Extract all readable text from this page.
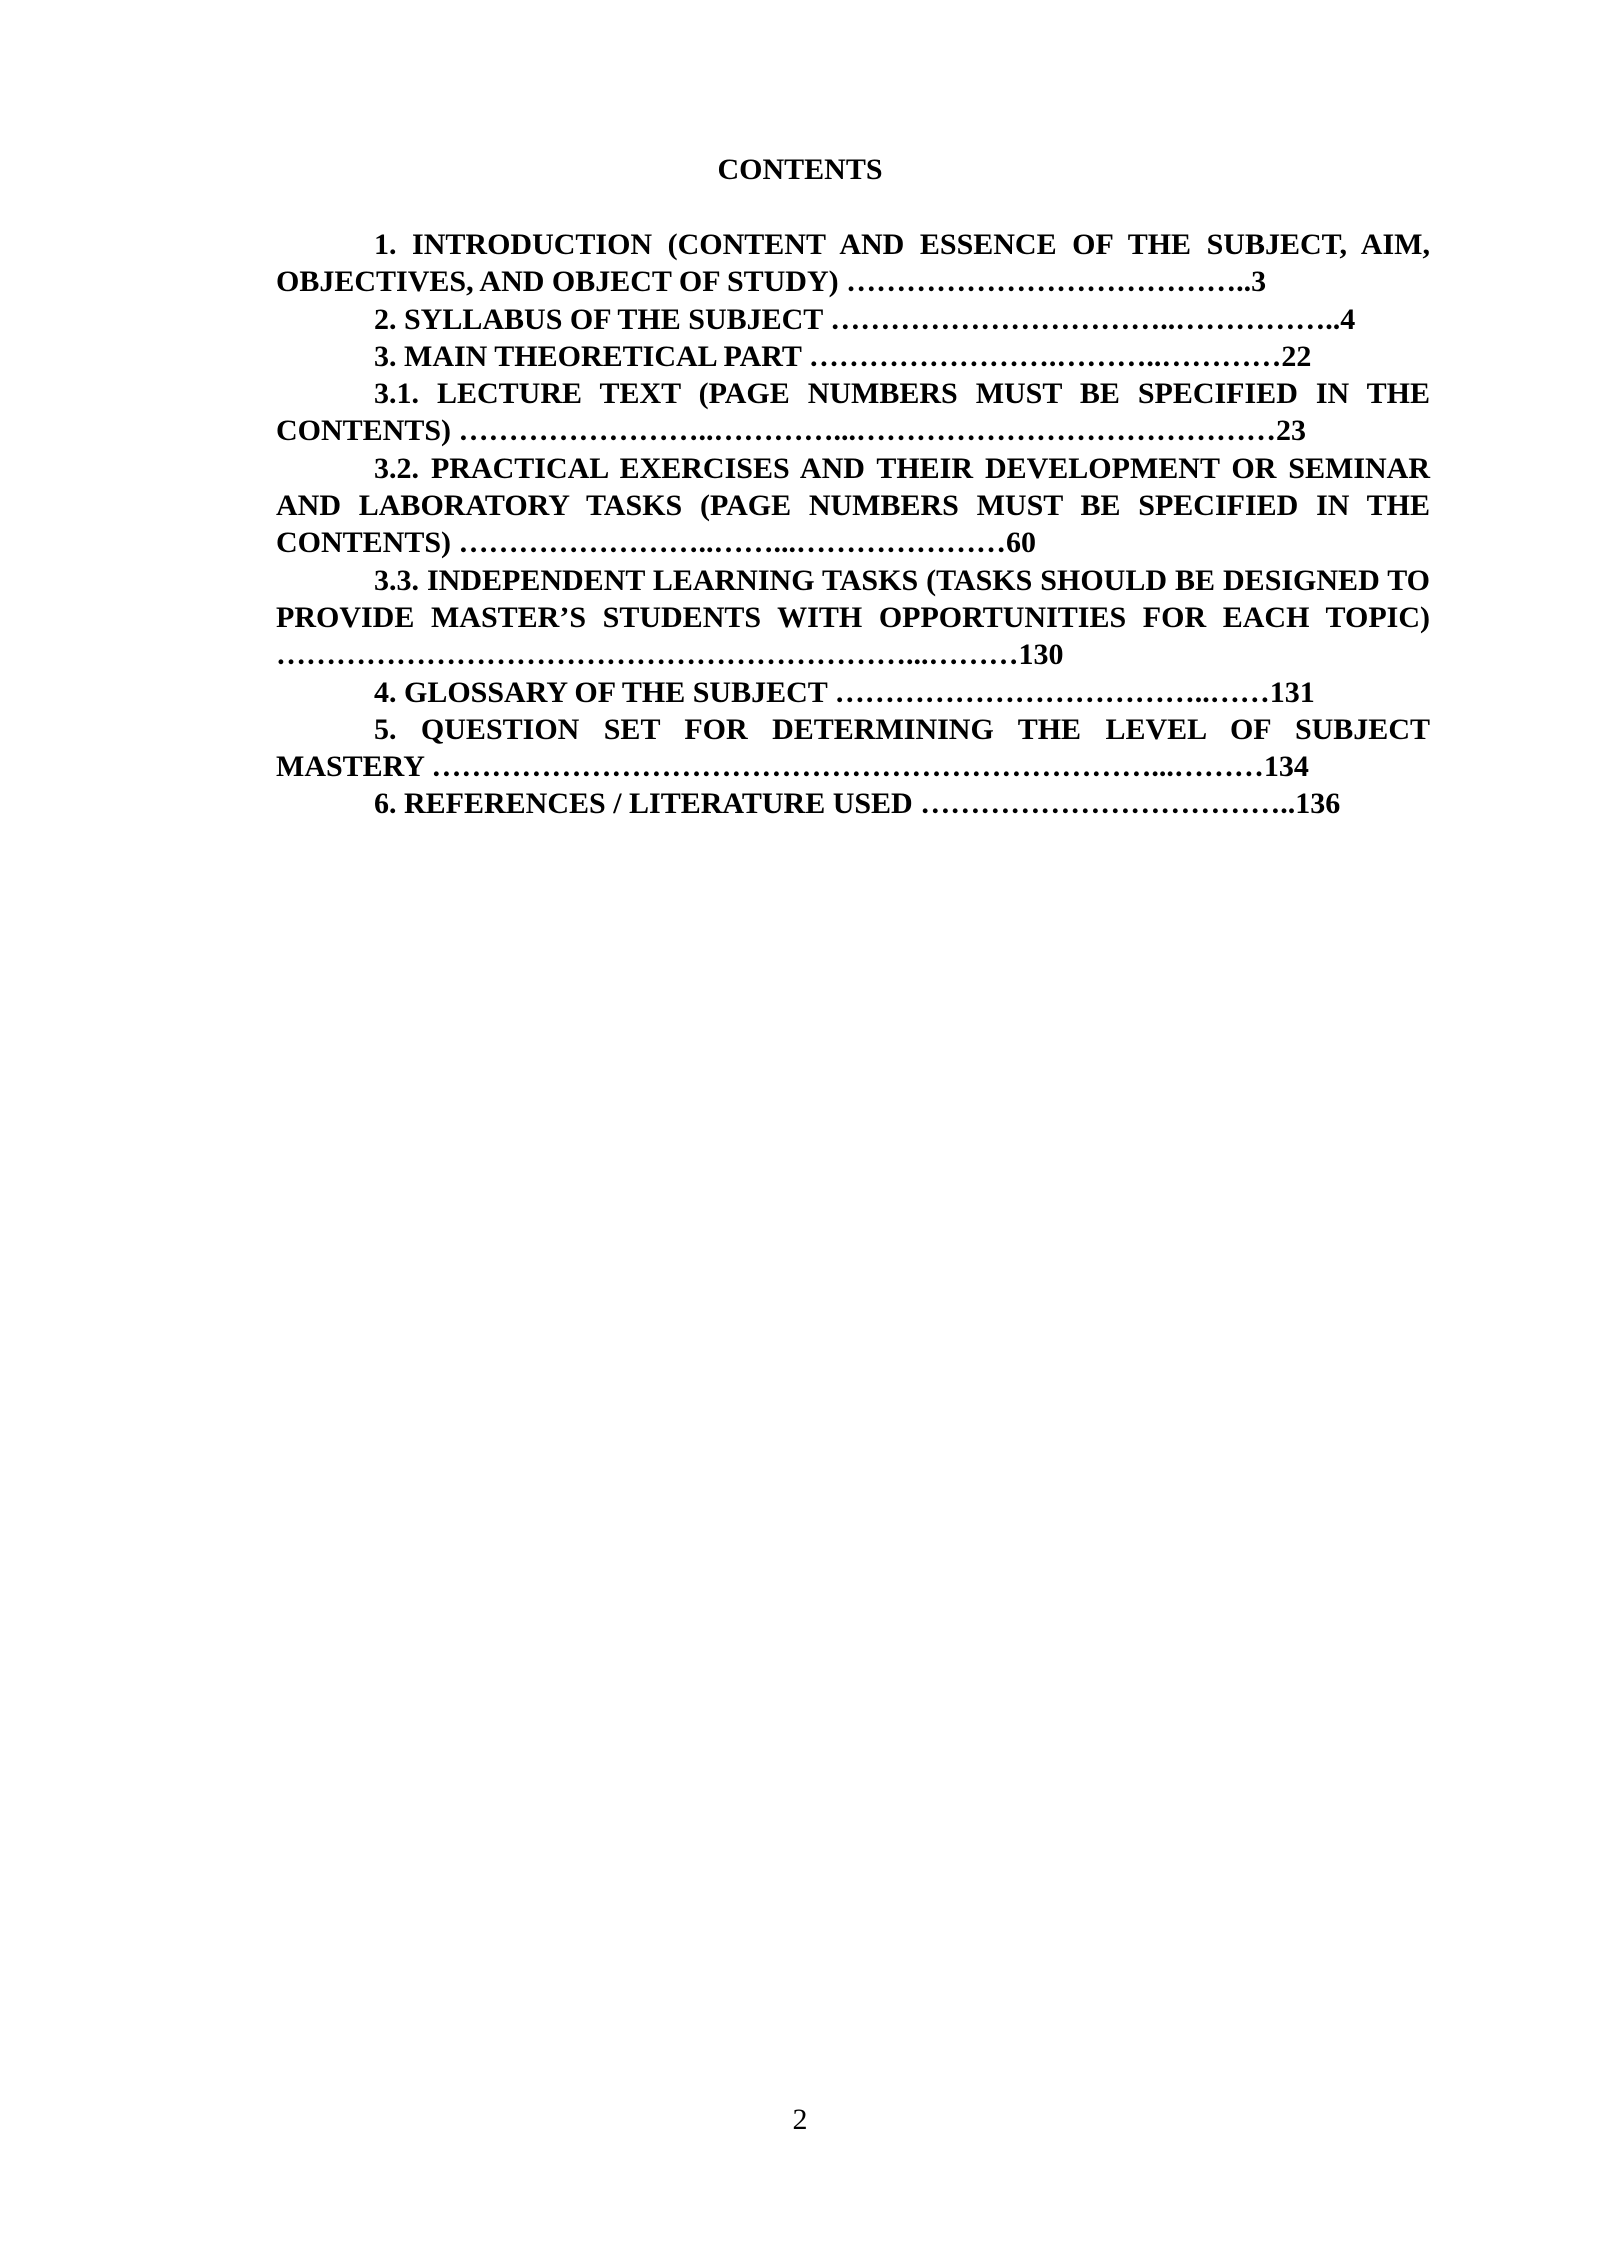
CONTENTS

1. INTRODUCTION (CONTENT AND ESSENCE OF THE SUBJECT, AIM, OBJECTIVES, AND OBJECT OF STUDY) …………………………………..3

2. SYLLABUS OF THE SUBJECT ……………………………..……………..4

3. MAIN THEORETICAL PART …………………….………..…………22

3.1. LECTURE TEXT (PAGE NUMBERS MUST BE SPECIFIED IN THE CONTENTS) ……………………..…………...……………………………………23

3.2. PRACTICAL EXERCISES AND THEIR DEVELOPMENT OR SEMINAR AND LABORATORY TASKS (PAGE NUMBERS MUST BE SPECIFIED IN THE CONTENTS) ……………………..……...…………………60

3.3. INDEPENDENT LEARNING TASKS (TASKS SHOULD BE DESIGNED TO PROVIDE MASTER’S STUDENTS WITH OPPORTUNITIES FOR EACH TOPIC) ………………………………………………………...………130

4. GLOSSARY OF THE SUBJECT ………………………………..……131

5. QUESTION SET FOR DETERMINING THE LEVEL OF SUBJECT MASTERY ………………………………………………………………...………134

6. REFERENCES / LITERATURE USED ………………………………..136

2
